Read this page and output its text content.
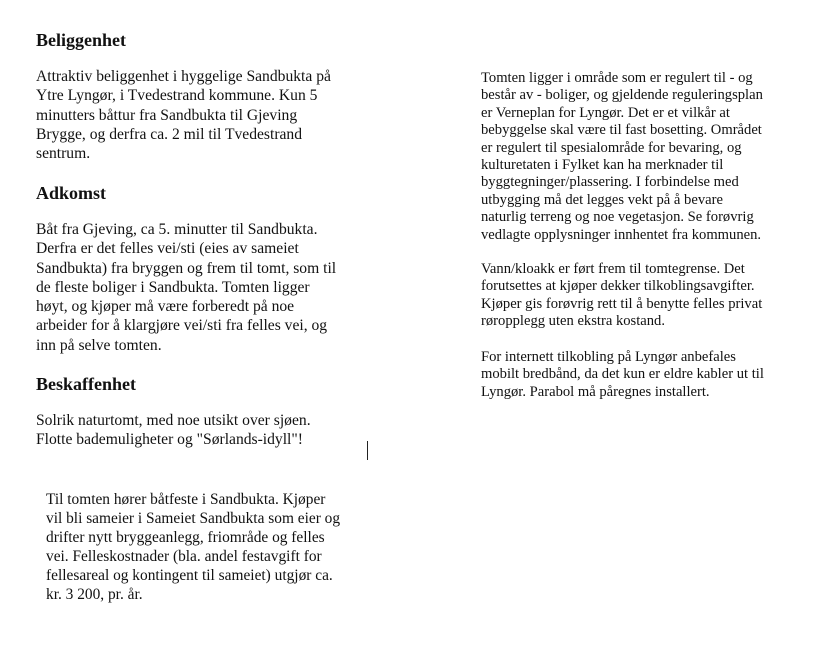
Beliggenhet

Attraktiv beliggenhet i hyggelige Sandbukta på
Ytre Lyngør, i Tvedestrand kommune. Kun 5
minutters båttur fra Sandbukta til Gjeving
Brygge, og derfra ca. 2 mil til Tvedestrand
sentrum.

Adkomst

Båt fra Gjeving, ca 5. minutter til Sandbukta.
Derfra er det felles vei/sti (eies av sameiet
Sandbukta) fra bryggen og frem til tomt, som til
de fleste boliger i Sandbukta. Tomten ligger
høyt, og kjøper må være forberedt på noe
arbeider for å klargjøre vei/sti fra felles vei, og
inn på selve tomten.

Beskaffenhet

Solrik naturtomt, med noe utsikt over sjøen.
Flotte bademuligheter og "Sørlands-idyll"!

Til tomten hører båtfeste i Sandbukta. Kjøper
vil bli sameier i Sameiet Sandbukta som eier og
drifter nytt bryggeanlegg, friområde og felles
vei. Felleskostnader (bla. andel festavgift for
fellesareal og kontingent til sameiet) utgjør ca.
kr. 3 200, pr. år.

Tomten ligger i område som er regulert til - og
består av - boliger, og gjeldende reguleringsplan
er Verneplan for Lyngør. Det er et vilkår at
bebyggelse skal være til fast bosetting. Området
er regulert til spesialområde for bevaring, og
kulturetaten i Fylket kan ha merknader til
byggtegninger/plassering. I forbindelse med
utbygging må det legges vekt på å bevare
naturlig terreng og noe vegetasjon. Se forøvrig
vedlagte opplysninger innhentet fra kommunen.

Vann/kloakk er ført frem til tomtegrense. Det
forutsettes at kjøper dekker tilkoblingsavgifter.
Kjøper gis forøvrig rett til å benytte felles privat
røropplegg uten ekstra kostand.

For internett tilkobling på Lyngør anbefales
mobilt bredbånd, da det kun er eldre kabler ut til
Lyngør. Parabol må påregnes installert.
